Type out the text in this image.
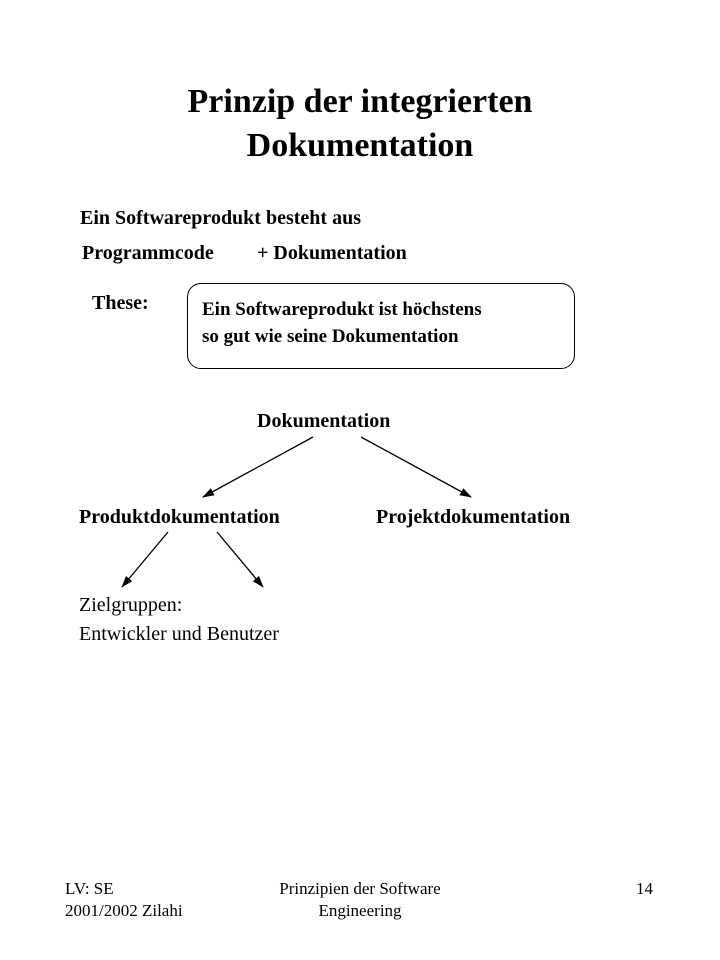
Prinzip der integrierten
Dokumentation
Ein Softwareprodukt besteht aus
Programmcode + Dokumentation
These:	Ein Softwareprodukt ist höchstens
so gut wie seine Dokumentation
Dokumentation
Produktdokumentation	Projektdokumentation
Zielgruppen:
Entwickler und Benutzer
LV: SE
2001/2002 Zilahi
Prinzipien der Software
Engineering
14
